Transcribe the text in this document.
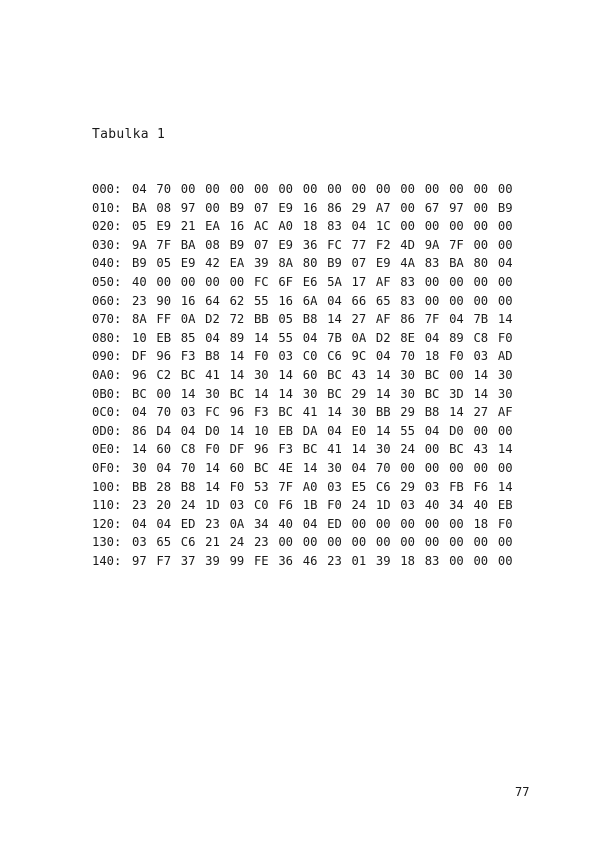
Tabulka 1
000: 04 70 00 00 00 00 00 00 00 00 00 00 00 00 00 00
010: BA 08 97 00 B9 07 E9 16 86 29 A7 00 67 97 00 B9
020: 05 E9 21 EA 16 AC A0 18 83 04 1C 00 00 00 00 00
030: 9A 7F BA 08 B9 07 E9 36 FC 77 F2 4D 9A 7F 00 00
040: B9 05 E9 42 EA 39 8A 80 B9 07 E9 4A 83 BA 80 04
050: 40 00 00 00 00 FC 6F E6 5A 17 AF 83 00 00 00 00
060: 23 90 16 64 62 55 16 6A 04 66 65 83 00 00 00 00
070: 8A FF 0A D2 72 BB 05 B8 14 27 AF 86 7F 04 7B 14
080: 10 EB 85 04 89 14 55 04 7B 0A D2 8E 04 89 C8 F0
090: DF 96 F3 B8 14 F0 03 C0 C6 9C 04 70 18 F0 03 AD
0A0: 96 C2 BC 41 14 30 14 60 BC 43 14 30 BC 00 14 30
0B0: BC 00 14 30 BC 14 14 30 BC 29 14 30 BC 3D 14 30
0C0: 04 70 03 FC 96 F3 BC 41 14 30 BB 29 B8 14 27 AF
0D0: 86 D4 04 D0 14 10 EB DA 04 E0 14 55 04 D0 00 00
0E0: 14 60 C8 F0 DF 96 F3 BC 41 14 30 24 00 BC 43 14
0F0: 30 04 70 14 60 BC 4E 14 30 04 70 00 00 00 00 00
100: BB 28 B8 14 F0 53 7F A0 03 E5 C6 29 03 FB F6 14
110: 23 20 24 1D 03 C0 F6 1B F0 24 1D 03 40 34 40 EB
120: 04 04 ED 23 0A 34 40 04 ED 00 00 00 00 00 18 F0
130: 03 65 C6 21 24 23 00 00 00 00 00 00 00 00 00 00
140: 97 F7 37 39 99 FE 36 46 23 01 39 18 83 00 00 00
77
